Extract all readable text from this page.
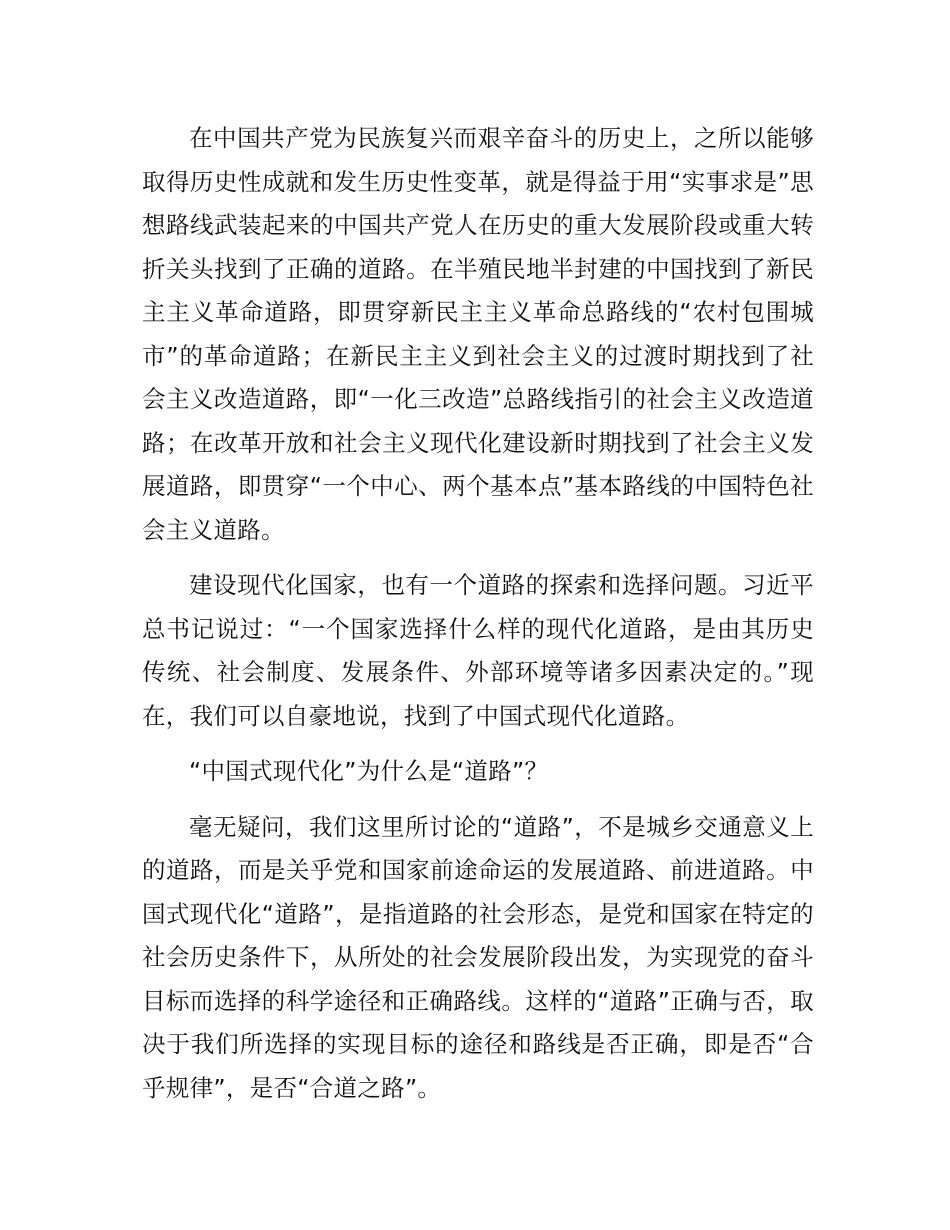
在中国共产党为民族复兴而艰辛奋斗的历史上，之所以能够取得历史性成就和发生历史性变革，就是得益于用“实事求是”思想路线武装起来的中国共产党人在历史的重大发展阶段或重大转折关头找到了正确的道路。在半殖民地半封建的中国找到了新民主主义革命道路，即贯穿新民主主义革命总路线的“农村包围城市”的革命道路；在新民主主义到社会主义的过渡时期找到了社会主义改造道路，即“一化三改造”总路线指引的社会主义改造道路；在改革开放和社会主义现代化建设新时期找到了社会主义发展道路，即贯穿“一个中心、两个基本点”基本路线的中国特色社会主义道路。

建设现代化国家，也有一个道路的探索和选择问题。习近平总书记说过：“一个国家选择什么样的现代化道路，是由其历史传统、社会制度、发展条件、外部环境等诸多因素决定的。”现在，我们可以自豪地说，找到了中国式现代化道路。

“中国式现代化”为什么是“道路”？

毫无疑问，我们这里所讨论的“道路”，不是城乡交通意义上的道路，而是关乎党和国家前途命运的发展道路、前进道路。中国式现代化“道路”，是指道路的社会形态，是党和国家在特定的社会历史条件下，从所处的社会发展阶段出发，为实现党的奋斗目标而选择的科学途径和正确路线。这样的“道路”正确与否，取决于我们所选择的实现目标的途径和路线是否正确，即是否“合乎规律”，是否“合道之路”。
